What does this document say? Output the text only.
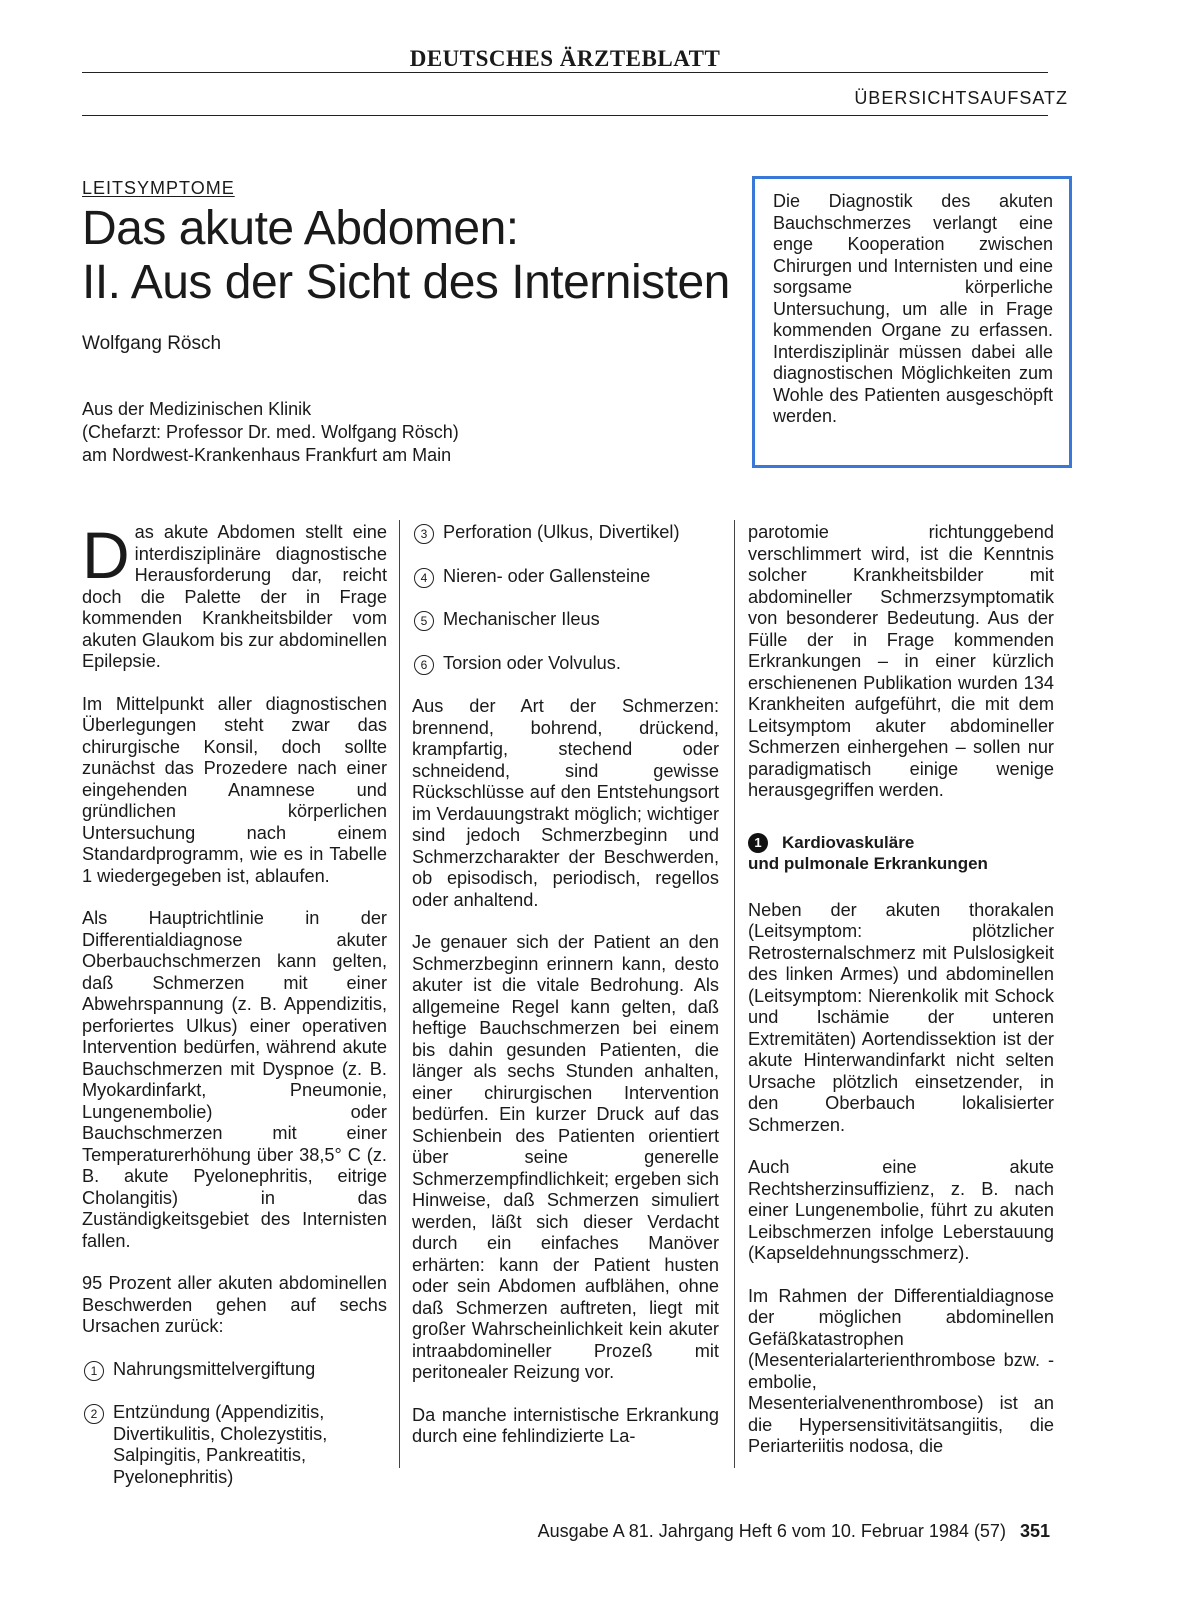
DEUTSCHES ÄRZTEBLATT
ÜBERSICHTSAUFSATZ
LEITSYMPTOME
Das akute Abdomen:
II. Aus der Sicht des Internisten
Wolfgang Rösch
Aus der Medizinischen Klinik
(Chefarzt: Professor Dr. med. Wolfgang Rösch)
am Nordwest-Krankenhaus Frankfurt am Main
Die Diagnostik des akuten Bauchschmerzes verlangt eine enge Kooperation zwischen Chirurgen und Internisten und eine sorgsame körperliche Untersuchung, um alle in Frage kommenden Organe zu erfassen. Interdisziplinär müssen dabei alle diagnostischen Möglichkeiten zum Wohle des Patienten ausgeschöpft werden.

Das akute Abdomen stellt eine interdisziplinäre diagnostische Herausforderung dar, reicht doch die Palette der in Frage kommenden Krankheitsbilder vom akuten Glaukom bis zur abdominellen Epilepsie.

Im Mittelpunkt aller diagnostischen Überlegungen steht zwar das chirurgische Konsil, doch sollte zunächst das Prozedere nach einer eingehenden Anamnese und gründlichen körperlichen Untersuchung nach einem Standardprogramm, wie es in Tabelle 1 wiedergegeben ist, ablaufen.

Als Hauptrichtlinie in der Differentialdiagnose akuter Oberbauchschmerzen kann gelten, daß Schmerzen mit einer Abwehrspannung (z. B. Appendizitis, perforiertes Ulkus) einer operativen Intervention bedürfen, während akute Bauchschmerzen mit Dyspnoe (z. B. Myokardinfarkt, Pneumonie, Lungenembolie) oder Bauchschmerzen mit einer Temperaturerhöhung über 38,5° C (z. B. akute Pyelonephritis, eitrige Cholangitis) in das Zuständigkeitsgebiet des Internisten fallen.

95 Prozent aller akuten abdominellen Beschwerden gehen auf sechs Ursachen zurück:

1 Nahrungsmittelvergiftung
2 Entzündung (Appendizitis, Divertikulitis, Cholezystitis, Salpingitis, Pankreatitis, Pyelonephritis)
3 Perforation (Ulkus, Divertikel)
4 Nieren- oder Gallensteine
5 Mechanischer Ileus
6 Torsion oder Volvulus.

Aus der Art der Schmerzen: brennend, bohrend, drückend, krampfartig, stechend oder schneidend, sind gewisse Rückschlüsse auf den Entstehungsort im Verdauungstrakt möglich; wichtiger sind jedoch Schmerzbeginn und Schmerzcharakter der Beschwerden, ob episodisch, periodisch, regellos oder anhaltend.

Je genauer sich der Patient an den Schmerzbeginn erinnern kann, desto akuter ist die vitale Bedrohung. Als allgemeine Regel kann gelten, daß heftige Bauchschmerzen bei einem bis dahin gesunden Patienten, die länger als sechs Stunden anhalten, einer chirurgischen Intervention bedürfen. Ein kurzer Druck auf das Schienbein des Patienten orientiert über seine generelle Schmerzempfindlichkeit; ergeben sich Hinweise, daß Schmerzen simuliert werden, läßt sich dieser Verdacht durch ein einfaches Manöver erhärten: kann der Patient husten oder sein Abdomen aufblähen, ohne daß Schmerzen auftreten, liegt mit großer Wahrscheinlichkeit kein akuter intraabdomineller Prozeß mit peritonealer Reizung vor.

Da manche internistische Erkrankung durch eine fehlindizierte La-

parotomie richtunggebend verschlimmert wird, ist die Kenntnis solcher Krankheitsbilder mit abdomineller Schmerzsymptomatik von besonderer Bedeutung. Aus der Fülle der in Frage kommenden Erkrankungen – in einer kürzlich erschienenen Publikation wurden 134 Krankheiten aufgeführt, die mit dem Leitsymptom akuter abdomineller Schmerzen einhergehen – sollen nur paradigmatisch einige wenige herausgegriffen werden.

1	Kardiovaskuläre
und pulmonale Erkrankungen

Neben der akuten thorakalen (Leitsymptom: plötzlicher Retrosternalschmerz mit Pulslosigkeit des linken Armes) und abdominellen (Leitsymptom: Nierenkolik mit Schock und Ischämie der unteren Extremitäten) Aortendissektion ist der akute Hinterwandinfarkt nicht selten Ursache plötzlich einsetzender, in den Oberbauch lokalisierter Schmerzen.

Auch eine akute Rechtsherzinsuffizienz, z. B. nach einer Lungenembolie, führt zu akuten Leibschmerzen infolge Leberstauung (Kapseldehnungsschmerz).

Im Rahmen der Differentialdiagnose der möglichen abdominellen Gefäßkatastrophen (Mesenterialarterienthrombose bzw. -embolie, Mesenterialvenenthrombose) ist an die Hypersensitivitätsangiitis, die Periarteriitis nodosa, die

Ausgabe A 81. Jahrgang Heft 6 vom 10. Februar 1984 (57) 351
